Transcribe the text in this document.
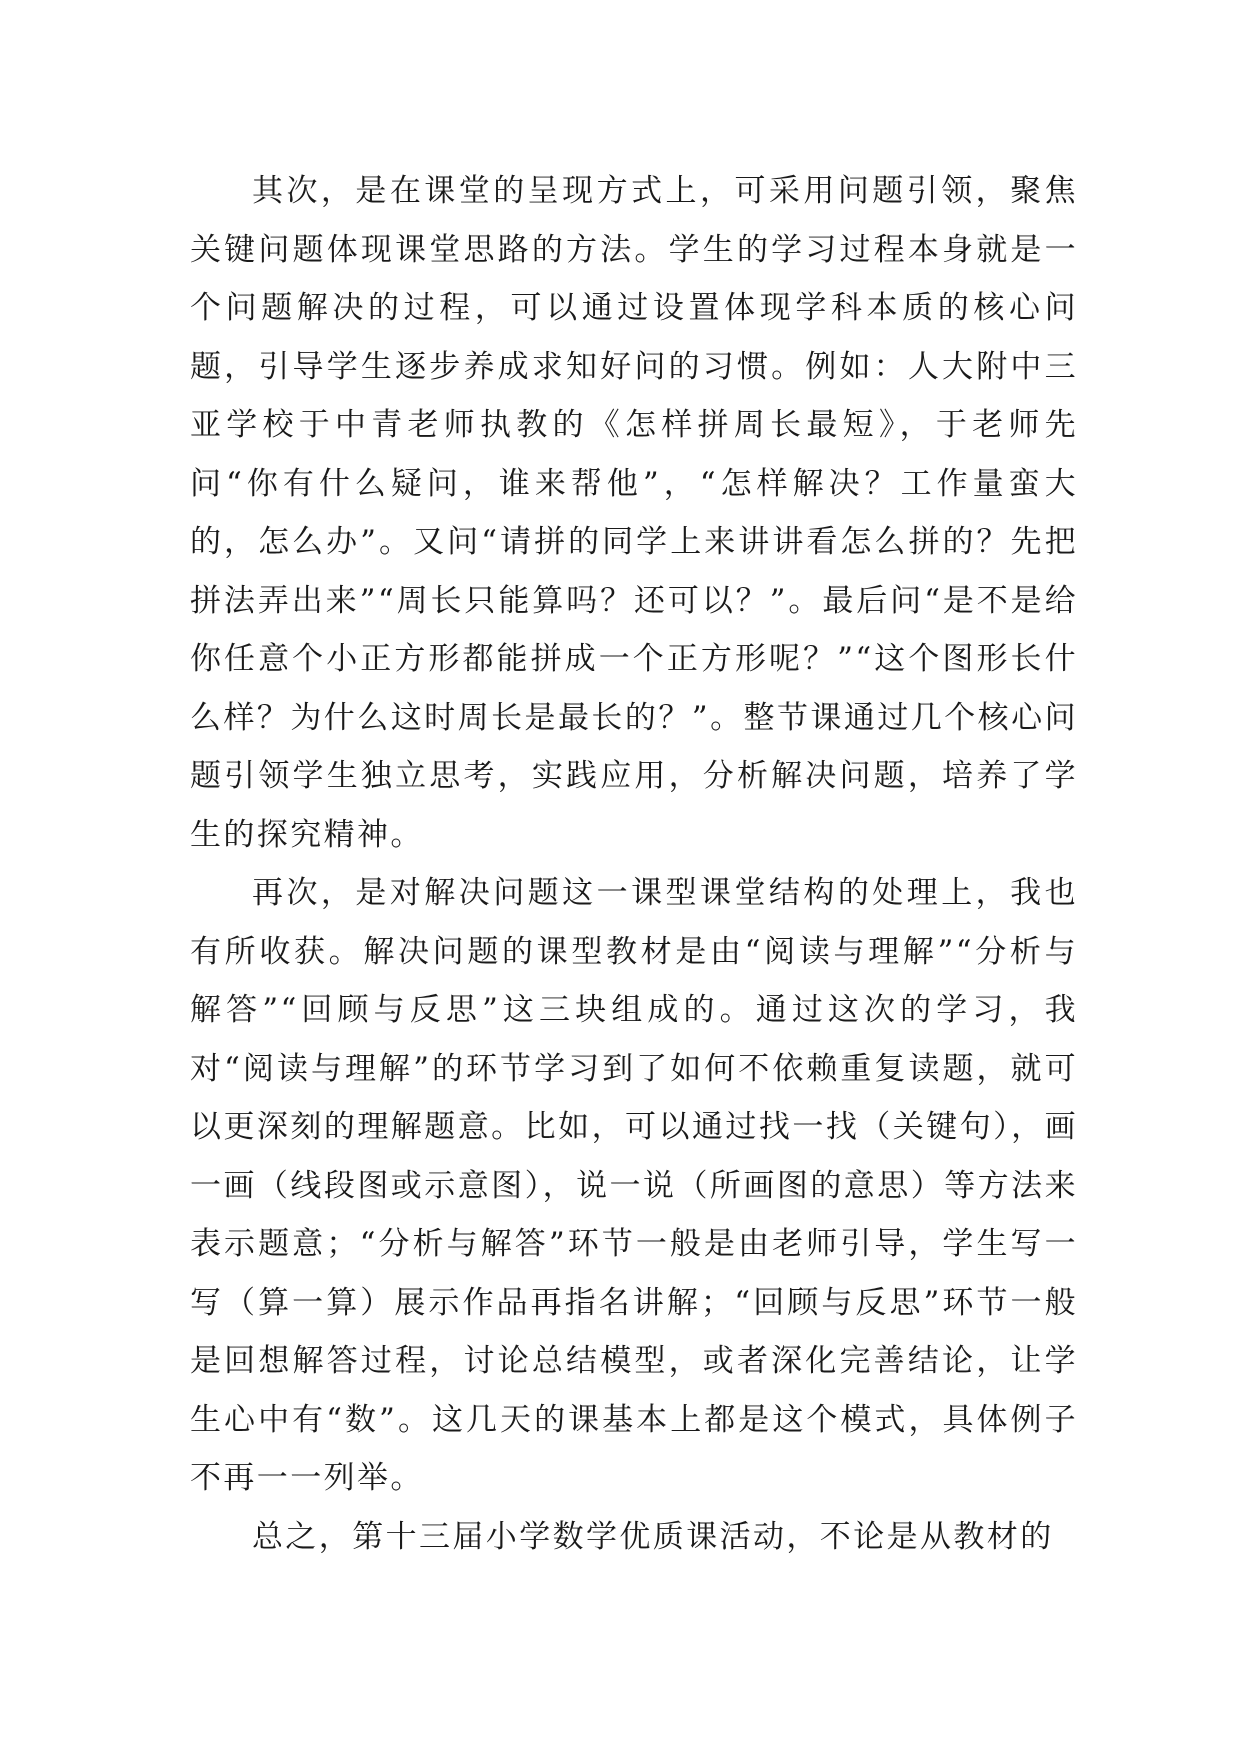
其次，是在课堂的呈现方式上，可采用问题引领，聚焦关键问题体现课堂思路的方法。学生的学习过程本身就是一个问题解决的过程，可以通过设置体现学科本质的核心问题，引导学生逐步养成求知好问的习惯。例如：人大附中三亚学校于中青老师执教的《怎样拼周长最短》，于老师先问“你有什么疑问，谁来帮他”，“怎样解决？工作量蛮大的，怎么办”。又问“请拼的同学上来讲讲看怎么拼的？先把拼法弄出来”“周长只能算吗？还可以？”。最后问“是不是给你任意个小正方形都能拼成一个正方形呢？”“这个图形长什么样？为什么这时周长是最长的？”。整节课通过几个核心问题引领学生独立思考，实践应用，分析解决问题，培养了学生的探究精神。

再次，是对解决问题这一课型课堂结构的处理上，我也有所收获。解决问题的课型教材是由“阅读与理解”“分析与解答”“回顾与反思”这三块组成的。通过这次的学习，我对“阅读与理解”的环节学习到了如何不依赖重复读题，就可以更深刻的理解题意。比如，可以通过找一找（关键句），画一画（线段图或示意图），说一说（所画图的意思）等方法来表示题意；“分析与解答”环节一般是由老师引导，学生写一写（算一算）展示作品再指名讲解；“回顾与反思”环节一般是回想解答过程，讨论总结模型，或者深化完善结论，让学生心中有“数”。这几天的课基本上都是这个模式，具体例子不再一一列举。

总之，第十三届小学数学优质课活动，不论是从教材的
